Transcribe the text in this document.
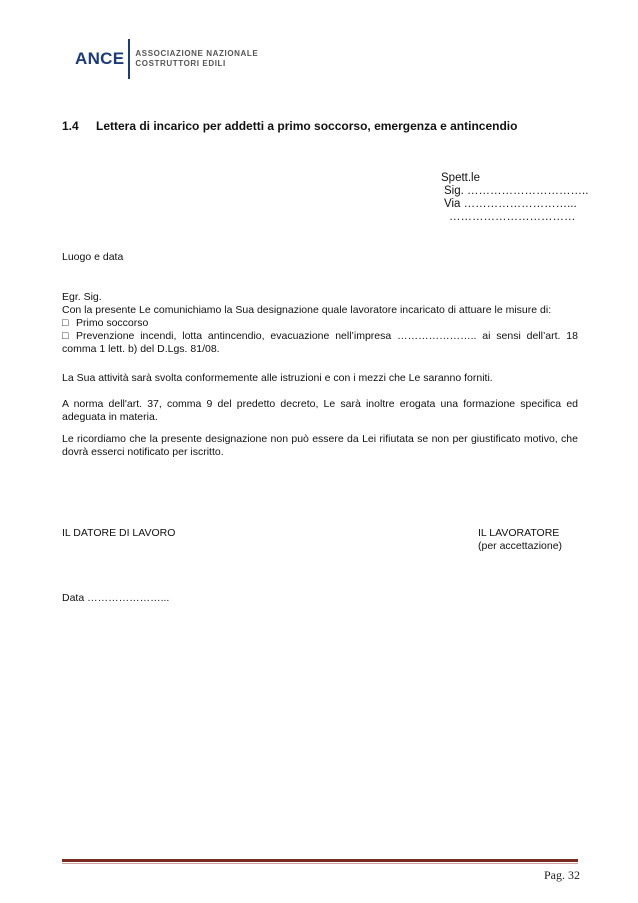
ANCE ASSOCIAZIONE NAZIONALE
COSTRUTTORI EDILI
1.4 Lettera di incarico per addetti a primo soccorso, emergenza e antincendio
Spett.le
Sig. …………………………..
Via ………………………...
……………………………
Luogo e data
Egr. Sig.
Con la presente Le comunichiamo la Sua designazione quale lavoratore incaricato di attuare le misure di:
□ Primo soccorso
□ Prevenzione incendi, lotta antincendio, evacuazione nell’impresa ………………….. ai sensi dell’art. 18 comma 1 lett. b) del D.Lgs. 81/08.
La Sua attività sarà svolta conformemente alle istruzioni e con i mezzi che Le saranno forniti.
A norma dell'art. 37, comma 9 del predetto decreto, Le sarà inoltre erogata una formazione specifica ed adeguata in materia.
Le ricordiamo che la presente designazione non può essere da Lei rifiutata se non per giustificato motivo, che dovrà esserci notificato per iscritto.
IL DATORE DI LAVORO	IL LAVORATORE
(per accettazione)
Data …………………...
Pag. 32
